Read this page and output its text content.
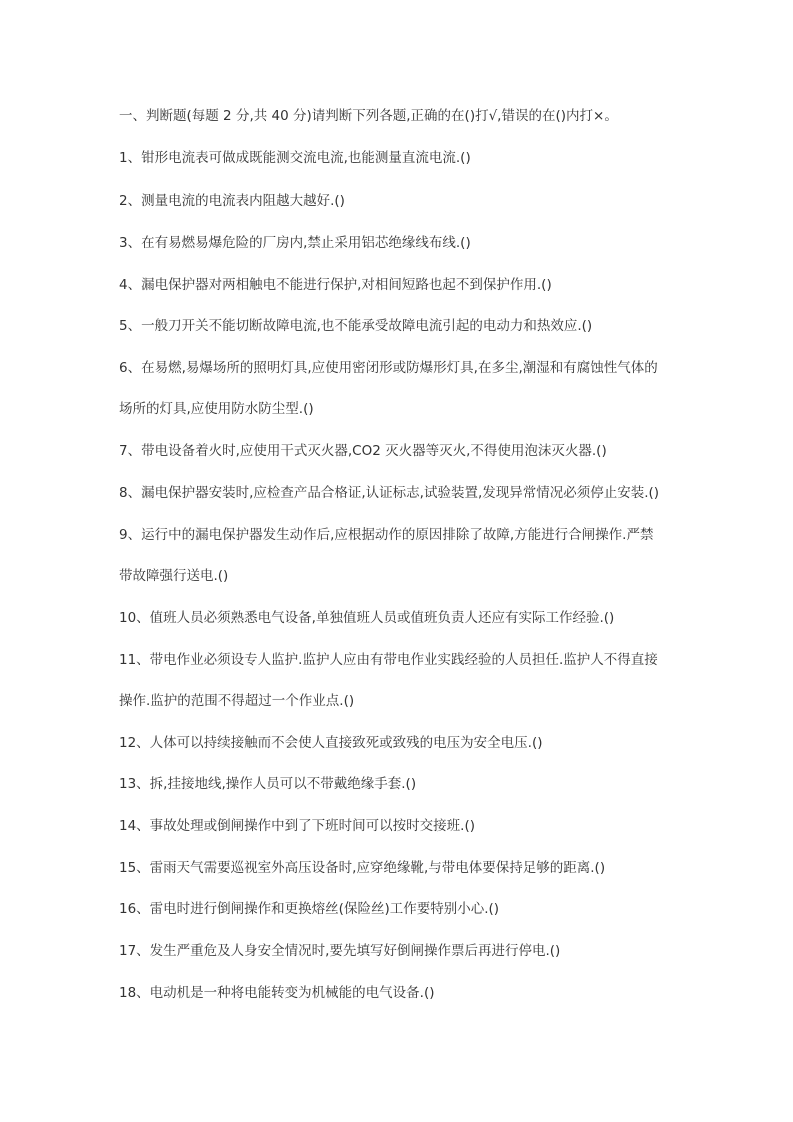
一、判断题(每题 2 分,共 40 分)请判断下列各题,正确的在()打√,错误的在()内打×。
1、钳形电流表可做成既能测交流电流,也能测量直流电流.()
2、测量电流的电流表内阻越大越好.()
3、在有易燃易爆危险的厂房内,禁止采用铝芯绝缘线布线.()
4、漏电保护器对两相触电不能进行保护,对相间短路也起不到保护作用.()
5、一般刀开关不能切断故障电流,也不能承受故障电流引起的电动力和热效应.()
6、在易燃,易爆场所的照明灯具,应使用密闭形或防爆形灯具,在多尘,潮湿和有腐蚀性气体的
场所的灯具,应使用防水防尘型.()
7、带电设备着火时,应使用干式灭火器,CO2 灭火器等灭火,不得使用泡沫灭火器.()
8、漏电保护器安装时,应检查产品合格证,认证标志,试验装置,发现异常情况必须停止安装.()
9、运行中的漏电保护器发生动作后,应根据动作的原因排除了故障,方能进行合闸操作.严禁
带故障强行送电.()
10、值班人员必须熟悉电气设备,单独值班人员或值班负责人还应有实际工作经验.()
11、带电作业必须设专人监护.监护人应由有带电作业实践经验的人员担任.监护人不得直接
操作.监护的范围不得超过一个作业点.()
12、人体可以持续接触而不会使人直接致死或致残的电压为安全电压.()
13、拆,挂接地线,操作人员可以不带戴绝缘手套.()
14、事故处理或倒闸操作中到了下班时间可以按时交接班.()
15、雷雨天气需要巡视室外高压设备时,应穿绝缘靴,与带电体要保持足够的距离.()
16、雷电时进行倒闸操作和更换熔丝(保险丝)工作要特别小心.()
17、发生严重危及人身安全情况时,要先填写好倒闸操作票后再进行停电.()
18、电动机是一种将电能转变为机械能的电气设备.()
